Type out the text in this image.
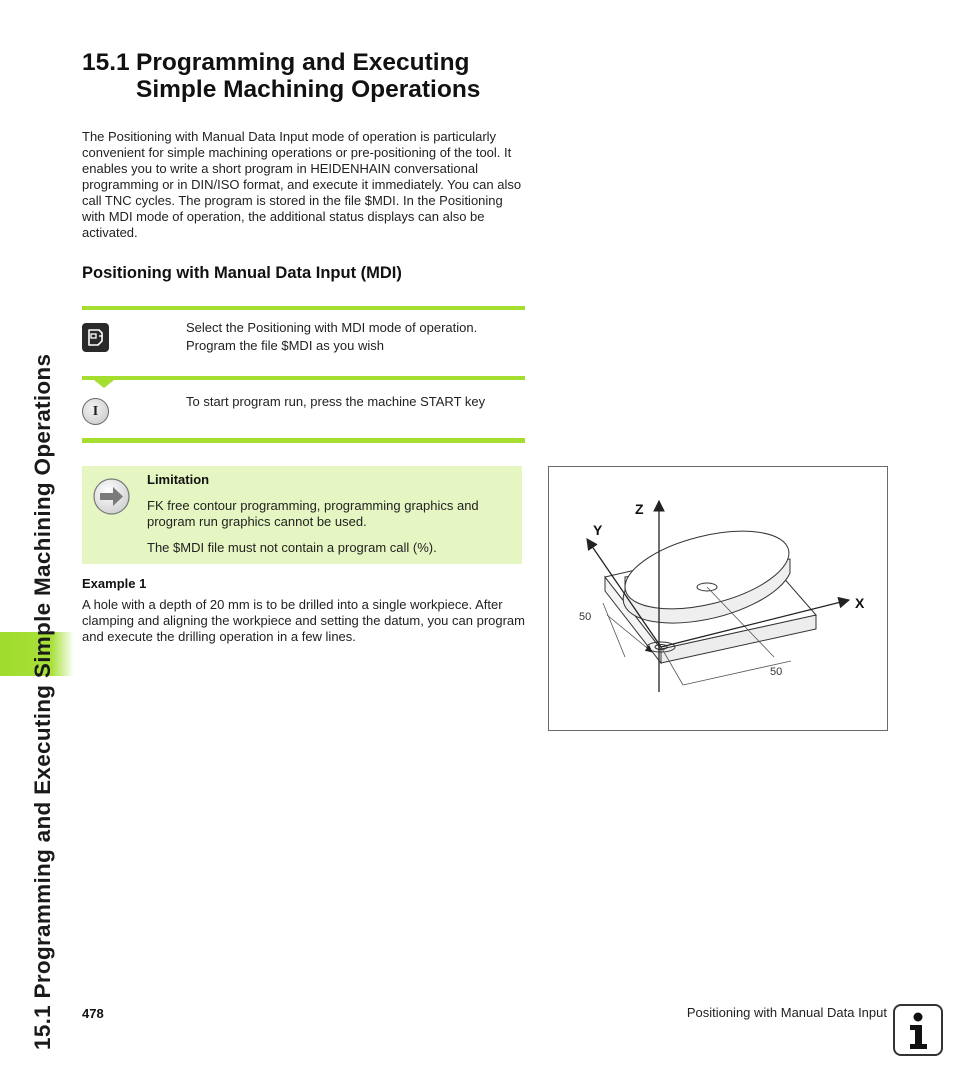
15.1 Programming and Executing Simple Machining Operations
15.1 Programming and Executing
Simple Machining Operations

The Positioning with Manual Data Input mode of operation is particularly convenient for simple machining operations or pre-positioning of the tool. It enables you to write a short program in HEIDENHAIN conversational programming or in DIN/ISO format, and execute it immediately. You can also call TNC cycles. The program is stored in the file $MDI. In the Positioning with MDI mode of operation, the additional status displays can also be activated.

Positioning with Manual Data Input (MDI)
Select the Positioning with MDI mode of operation.
Program the file $MDI as you wish
I
To start program run, press the machine START key
Limitation
FK free contour programming, programming graphics and program run graphics cannot be used.
The $MDI file must not contain a program call (%).
Example 1

A hole with a depth of 20 mm is to be drilled into a single workpiece. After clamping and aligning the workpiece and setting the datum, you can program and execute the drilling operation in a few lines.

Z
Y
X
50
50
478	Positioning with Manual Data Input
